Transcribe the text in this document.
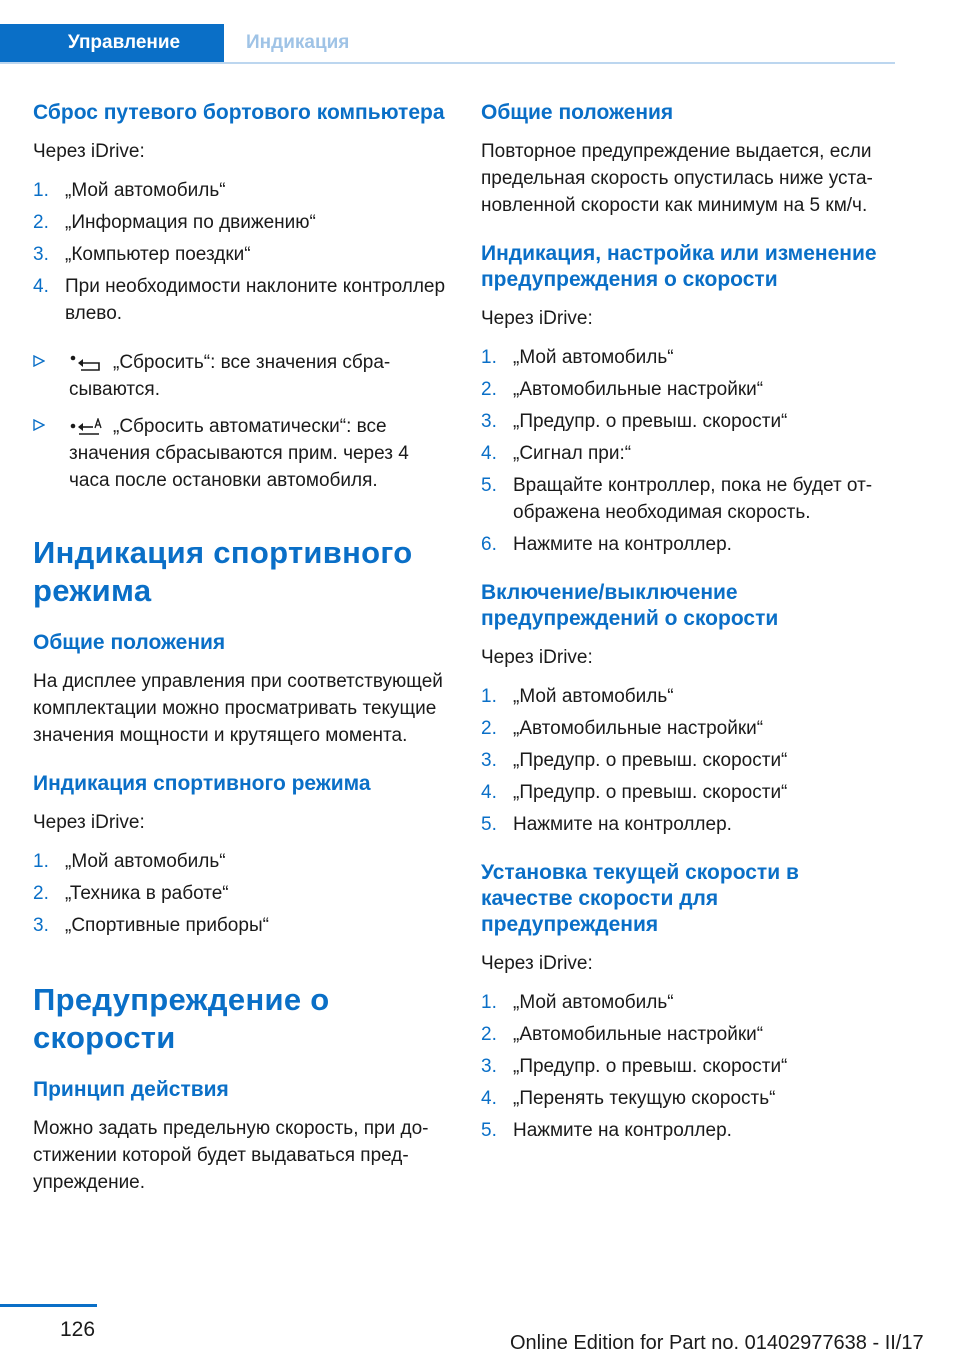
Управление	Индикация
Сброс путевого бортового компьютера

Через iDrive:

1. „Мой автомобиль“
2. „Информация по движению“
3. „Компьютер поездки“
4. При необходимости наклоните контроллер влево.
„Сбросить“: все значения сбрасываются.
„Сбросить автоматически“: все значения сбрасываются прим. через 4 часа после остановки автомобиля.
Индикация спортивного режима
Общие положения

На дисплее управления при соответствующей комплектации можно просматривать текущие значения мощности и крутящего момента.

Индикация спортивного режима

Через iDrive:

1. „Мой автомобиль“
2. „Техника в работе“
3. „Спортивные приборы“
Предупреждение о скорости
Принцип действия

Можно задать предельную скорость, при достижении которой будет выдаваться предупреждение.

Общие положения

Повторное предупреждение выдается, если предельная скорость опустилась ниже установленной скорости как минимум на 5 км/ч.

Индикация, настройка или изменение предупреждения о скорости

Через iDrive:

1. „Мой автомобиль“
2. „Автомобильные настройки“
3. „Предупр. о превыш. скорости“
4. „Сигнал при:“
5. Вращайте контроллер, пока не будет отображена необходимая скорость.
6. Нажмите на контроллер.
Включение/выключение предупреждений о скорости

Через iDrive:

1. „Мой автомобиль“
2. „Автомобильные настройки“
3. „Предупр. о превыш. скорости“
4. „Предупр. о превыш. скорости“
5. Нажмите на контроллер.
Установка текущей скорости в качестве скорости для предупреждения

Через iDrive:

1. „Мой автомобиль“
2. „Автомобильные настройки“
3. „Предупр. о превыш. скорости“
4. „Перенять текущую скорость“
5. Нажмите на контроллер.
126
Online Edition for Part no. 01402977638 - II/17
